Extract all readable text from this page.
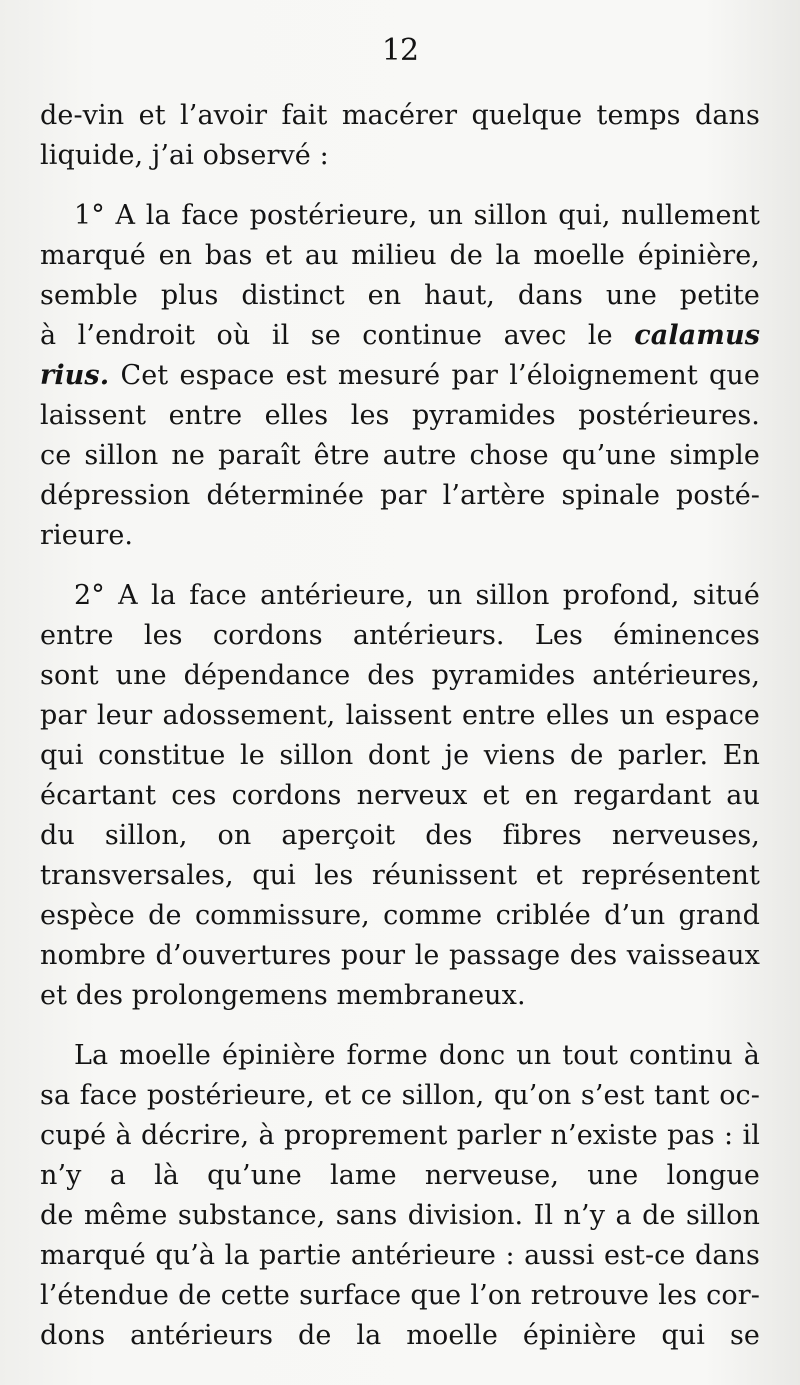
12
de-vin et l’avoir fait macérer quelque temps dans
liquide, j’ai observé :
1° A la face postérieure, un sillon qui, nullement
marqué en bas et au milieu de la moelle épinière,
semble plus distinct en haut, dans une petite
à l’endroit où il se continue avec le calamus
rius. Cet espace est mesuré par l’éloignement que
laissent entre elles les pyramides postérieures.
ce sillon ne paraît être autre chose qu’une simple
dépression déterminée par l’artère spinale posté-
rieure.
2° A la face antérieure, un sillon profond, situé
entre les cordons antérieurs. Les éminences
sont une dépendance des pyramides antérieures,
par leur adossement, laissent entre elles un espace
qui constitue le sillon dont je viens de parler. En
écartant ces cordons nerveux et en regardant au
du sillon, on aperçoit des fibres nerveuses,
transversales, qui les réunissent et représentent
espèce de commissure, comme criblée d’un grand
nombre d’ouvertures pour le passage des vaisseaux
et des prolongemens membraneux.
La moelle épinière forme donc un tout continu à
sa face postérieure, et ce sillon, qu’on s’est tant oc-
cupé à décrire, à proprement parler n’existe pas : il
n’y a là qu’une lame nerveuse, une longue
de même substance, sans division. Il n’y a de sillon
marqué qu’à la partie antérieure : aussi est-ce dans
l’étendue de cette surface que l’on retrouve les cor-
dons antérieurs de la moelle épinière qui se
